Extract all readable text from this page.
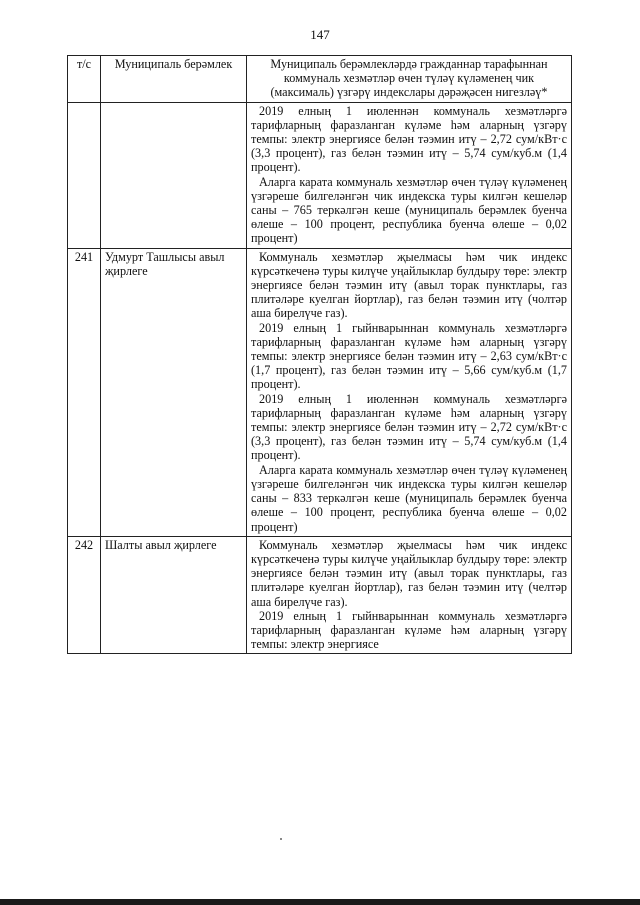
147
т/с	Муниципаль берәмлек	Муниципаль берәмлекләрдә гражданнар тарафыннан коммуналь хезмәтләр өчен түләү күләменең чик (максималь) үзгәрү индекслары дәрәҗәсен нигезләү*

		2019 елның 1 июленнән коммуналь хезмәтләргә тарифларның фаразланган күләме һәм аларның үзгәрү темпы: электр энергиясе белән тәэмин итү – 2,72 сум/кВт·с (3,3 процент), газ белән тәэмин итү – 5,74 сум/куб.м (1,4 процент).

Аларга карата коммуналь хезмәтләр өчен түләү күләменең үзгәреше билгеләнгән чик индекска туры килгән кешеләр саны – 765 теркәлгән кеше (муниципаль берәмлек буенча өлеше – 100 процент, республика буенча өлеше – 0,02 процент)

241	Удмурт Ташлысы авыл җирлеге	Коммуналь хезмәтләр җыелмасы һәм чик индекс күрсәткеченә туры килүче уңайлыклар булдыру төре: электр энергиясе белән тәэмин итү (авыл торак пунктлары, газ плитәләре куелган йортлар), газ белән тәэмин итү (чолтәр аша бирелүче газ).

2019 елның 1 гыйнварыннан коммуналь хезмәтләргә тарифларның фаразланган күләме һәм аларның үзгәрү темпы: электр энергиясе белән тәэмин итү – 2,63 сум/кВт·с (1,7 процент), газ белән тәэмин итү – 5,66 сум/куб.м (1,7 процент).

2019 елның 1 июленнән коммуналь хезмәтләргә тарифларның фаразланган күләме һәм аларның үзгәрү темпы: электр энергиясе белән тәэмин итү – 2,72 сум/кВт·с (3,3 процент), газ белән тәэмин итү – 5,74 сум/куб.м (1,4 процент).

Аларга карата коммуналь хезмәтләр өчен түләү күләменең үзгәреше билгеләнгән чик индекска туры килгән кешеләр саны – 833 теркәлгән кеше (муниципаль берәмлек буенча өлеше – 100 процент, республика буенча өлеше – 0,02 процент)

242	Шалты авыл җирлеге	Коммуналь хезмәтләр җыелмасы һәм чик индекс күрсәткеченә туры килүче уңайлыклар булдыру төре: электр энергиясе белән тәэмин итү (авыл торак пунктлары, газ плитәләре куелган йортлар), газ белән тәэмин итү (челтәр аша бирелүче газ).

2019 елның 1 гыйнварыннан коммуналь хезмәтләргә тарифларның фаразланган күләме һәм аларның үзгәрү темпы: электр энергиясе
